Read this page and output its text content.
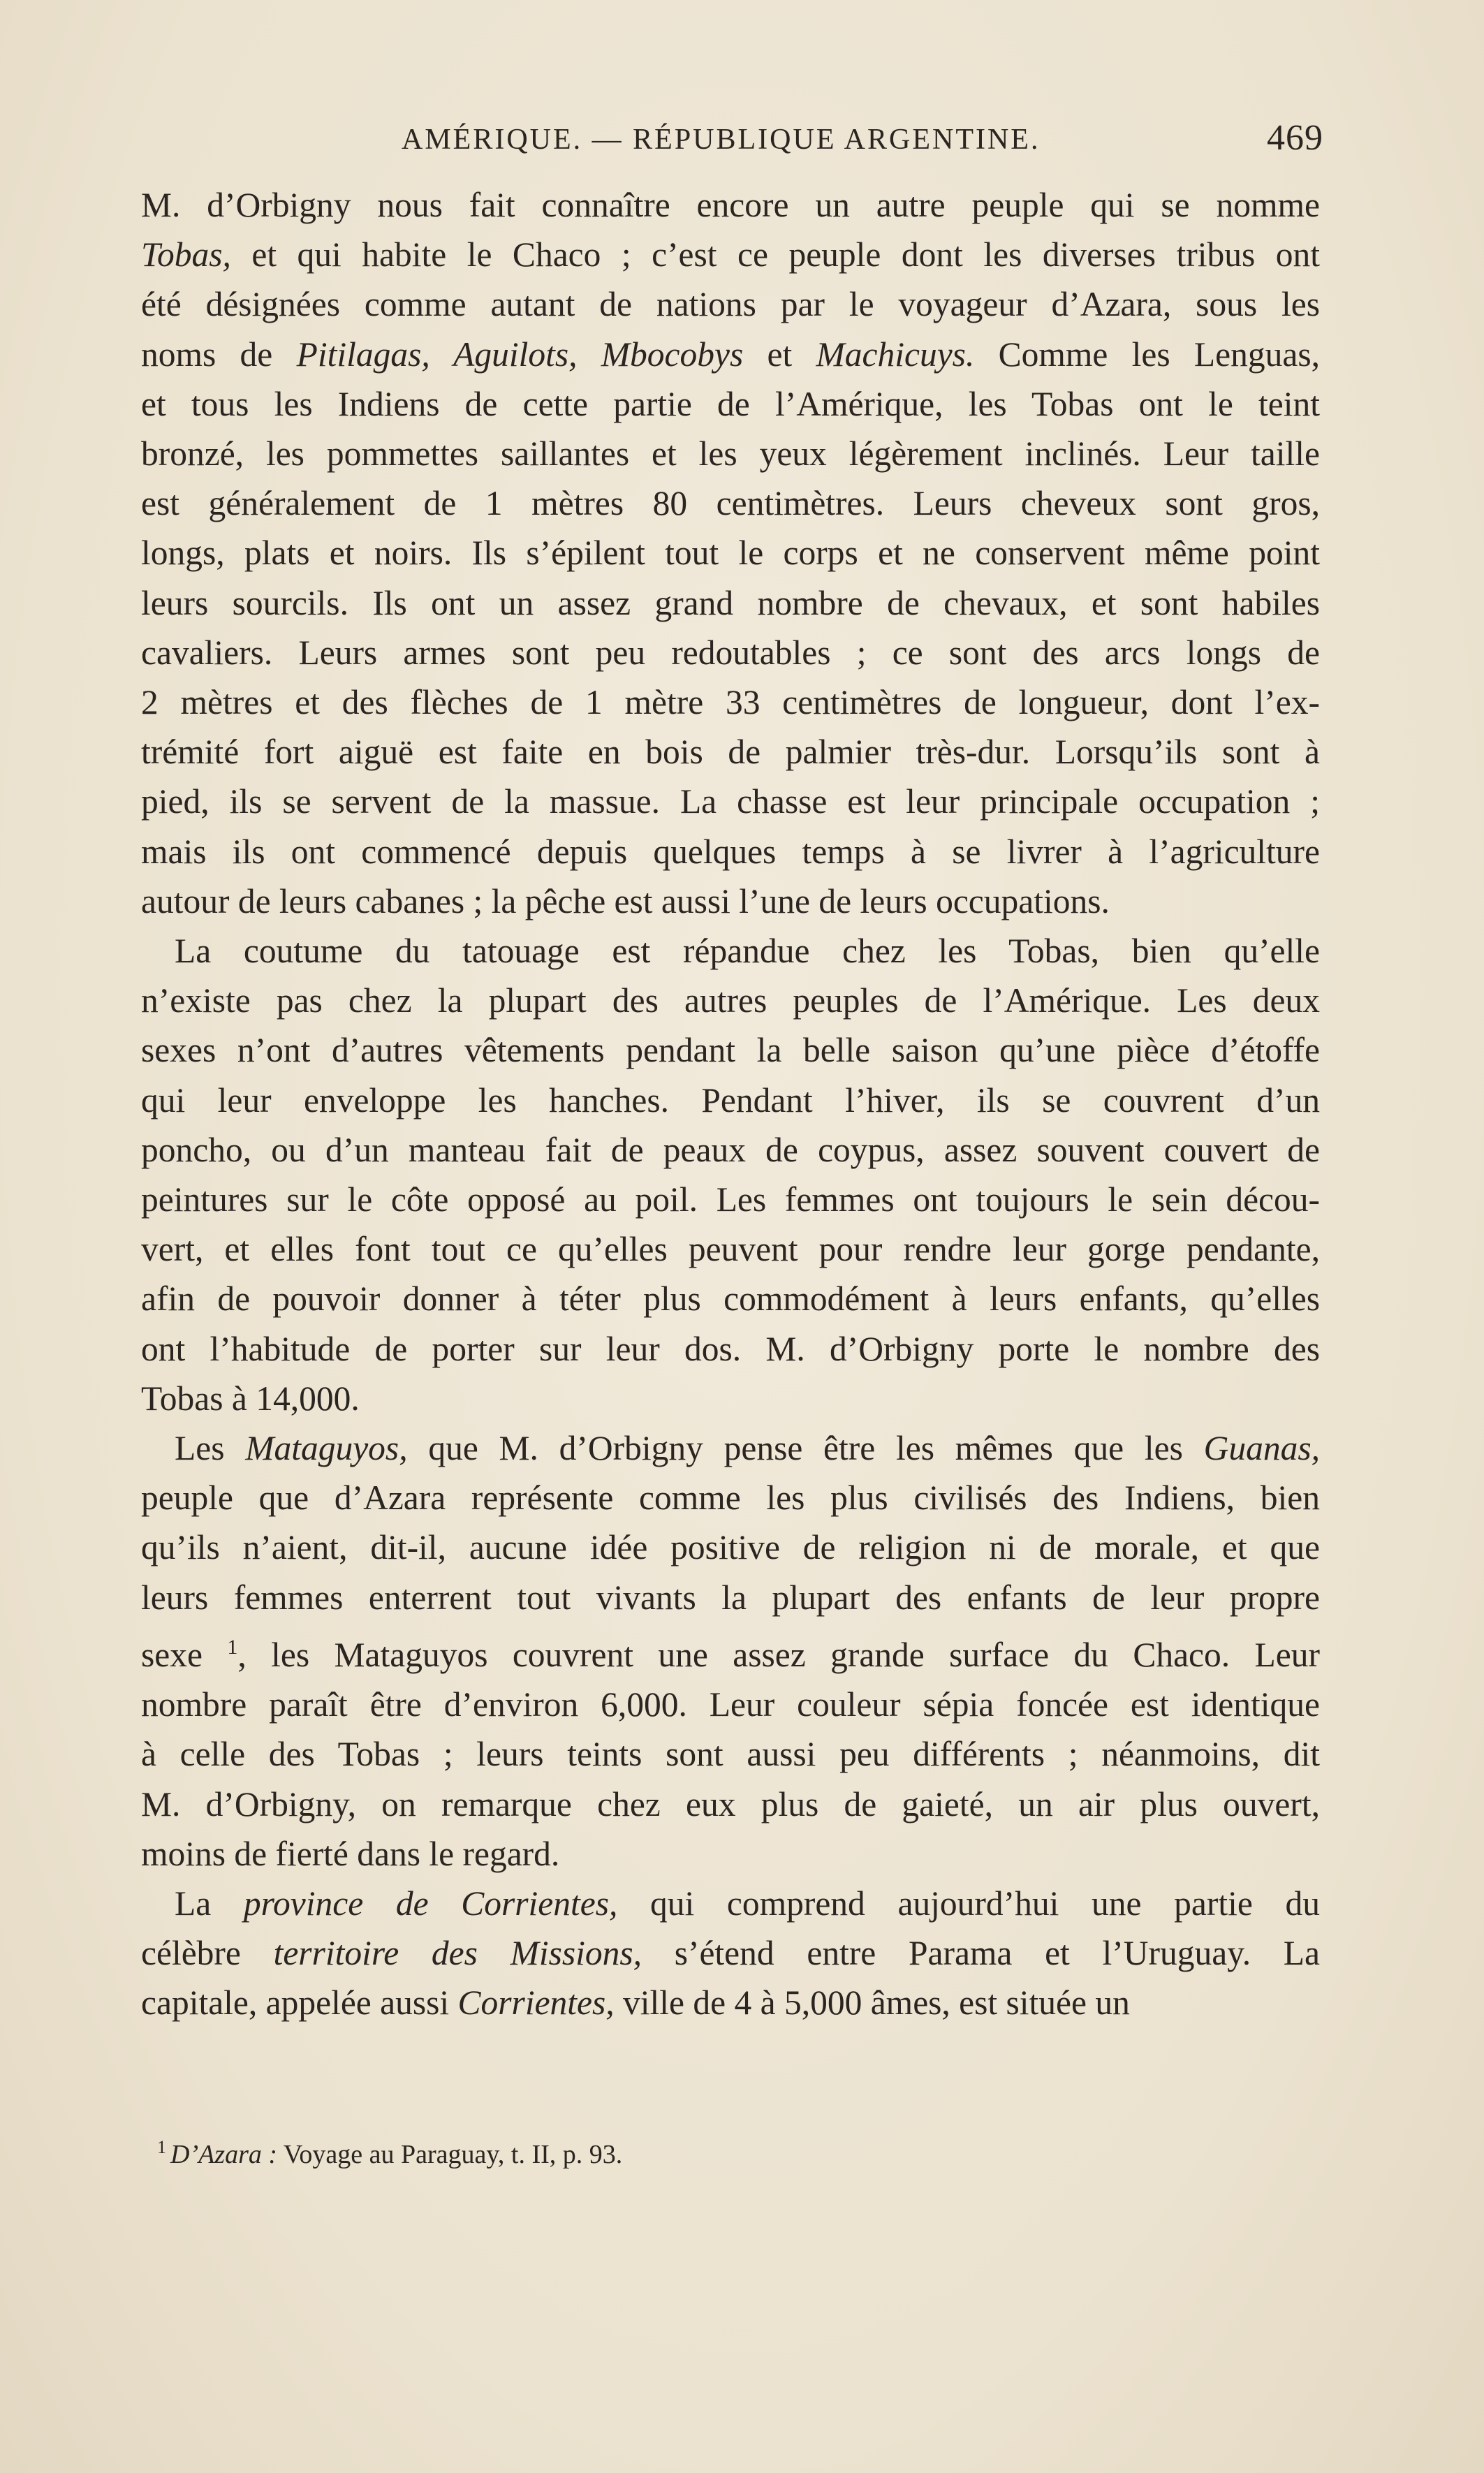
AMÉRIQUE. — RÉPUBLIQUE ARGENTINE.	469
M. d’Orbigny nous fait connaître encore un autre peuple qui se nomme
Tobas, et qui habite le Chaco ; c’est ce peuple dont les diverses tribus ont
été désignées comme autant de nations par le voyageur d’Azara, sous les
noms de Pitilagas, Aguilots, Mbocobys et Machicuys. Comme les Lenguas,
et tous les Indiens de cette partie de l’Amérique, les Tobas ont le teint
bronzé, les pommettes saillantes et les yeux légèrement inclinés. Leur taille
est généralement de 1 mètres 80 centimètres. Leurs cheveux sont gros,
longs, plats et noirs. Ils s’épilent tout le corps et ne conservent même point
leurs sourcils. Ils ont un assez grand nombre de chevaux, et sont habiles
cavaliers. Leurs armes sont peu redoutables ; ce sont des arcs longs de
2 mètres et des flèches de 1 mètre 33 centimètres de longueur, dont l’ex-
trémité fort aiguë est faite en bois de palmier très-dur. Lorsqu’ils sont à
pied, ils se servent de la massue. La chasse est leur principale occupation ;
mais ils ont commencé depuis quelques temps à se livrer à l’agriculture
autour de leurs cabanes ; la pêche est aussi l’une de leurs occupations.
La coutume du tatouage est répandue chez les Tobas, bien qu’elle
n’existe pas chez la plupart des autres peuples de l’Amérique. Les deux
sexes n’ont d’autres vêtements pendant la belle saison qu’une pièce d’étoffe
qui leur enveloppe les hanches. Pendant l’hiver, ils se couvrent d’un
poncho, ou d’un manteau fait de peaux de coypus, assez souvent couvert de
peintures sur le côte opposé au poil. Les femmes ont toujours le sein décou-
vert, et elles font tout ce qu’elles peuvent pour rendre leur gorge pendante,
afin de pouvoir donner à téter plus commodément à leurs enfants, qu’elles
ont l’habitude de porter sur leur dos. M. d’Orbigny porte le nombre des
Tobas à 14,000.
Les Mataguyos, que M. d’Orbigny pense être les mêmes que les Guanas,
peuple que d’Azara représente comme les plus civilisés des Indiens, bien
qu’ils n’aient, dit-il, aucune idée positive de religion ni de morale, et que
leurs femmes enterrent tout vivants la plupart des enfants de leur propre
sexe $^1$, les Mataguyos couvrent une assez grande surface du Chaco. Leur
nombre paraît être d’environ 6,000. Leur couleur sépia foncée est identique
à celle des Tobas ; leurs teints sont aussi peu différents ; néanmoins, dit
M. d’Orbigny, on remarque chez eux plus de gaieté, un air plus ouvert,
moins de fierté dans le regard.
La province de Corrientes, qui comprend aujourd’hui une partie du
célèbre territoire des Missions, s’étend entre Parama et l’Uruguay. La
capitale, appelée aussi Corrientes, ville de 4 à 5,000 âmes, est située un
$^1$ D’Azara : Voyage au Paraguay, t. II, p. 93.
